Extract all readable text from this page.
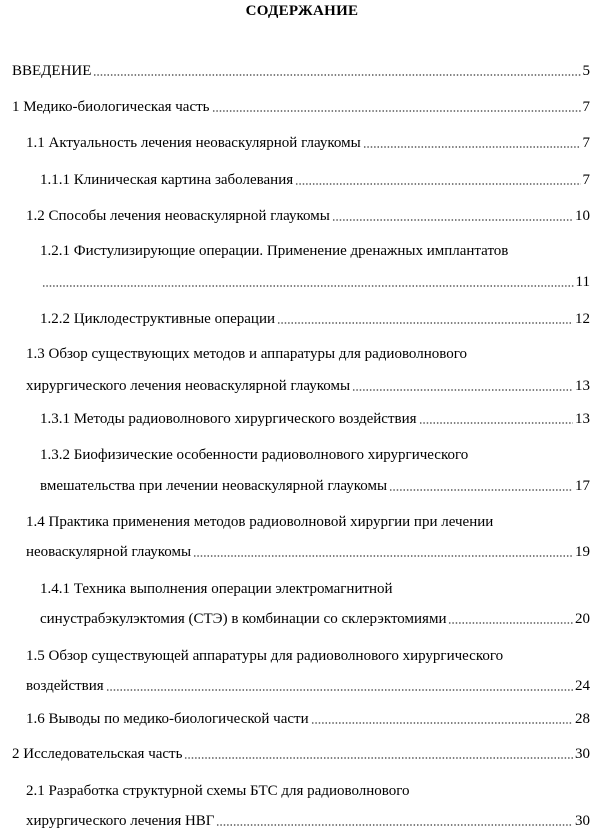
СОДЕРЖАНИЕ
ВВЕДЕНИЕ	5
1 Медико-биологическая часть	7
1.1 Актуальность лечения неоваскулярной глаукомы	7
1.1.1 Клиническая картина заболевания	7
1.2 Способы лечения неоваскулярной глаукомы	10
1.2.1 Фистулизирующие операции. Применение дренажных имплантатов
11
1.2.2 Циклодеструктивные операции	12
1.3 Обзор существующих методов и аппаратуры для радиоволнового
хирургического лечения неоваскулярной глаукомы	13
1.3.1 Методы радиоволнового хирургического воздействия	13
1.3.2 Биофизические особенности радиоволнового хирургического
вмешательства при лечении неоваскулярной глаукомы	17
1.4 Практика применения методов радиоволновой хирургии при лечении
неоваскулярной глаукомы	19
1.4.1 Техника выполнения операции электромагнитной
синустрабэкулэктомия (СТЭ) в комбинации со склерэктомиями	20
1.5 Обзор существующей аппаратуры для радиоволнового хирургического
воздействия	24
1.6 Выводы по медико-биологической части	28
2 Исследовательская часть	30
2.1 Разработка структурной схемы БТС для радиоволнового
хирургического лечения НВГ	30
